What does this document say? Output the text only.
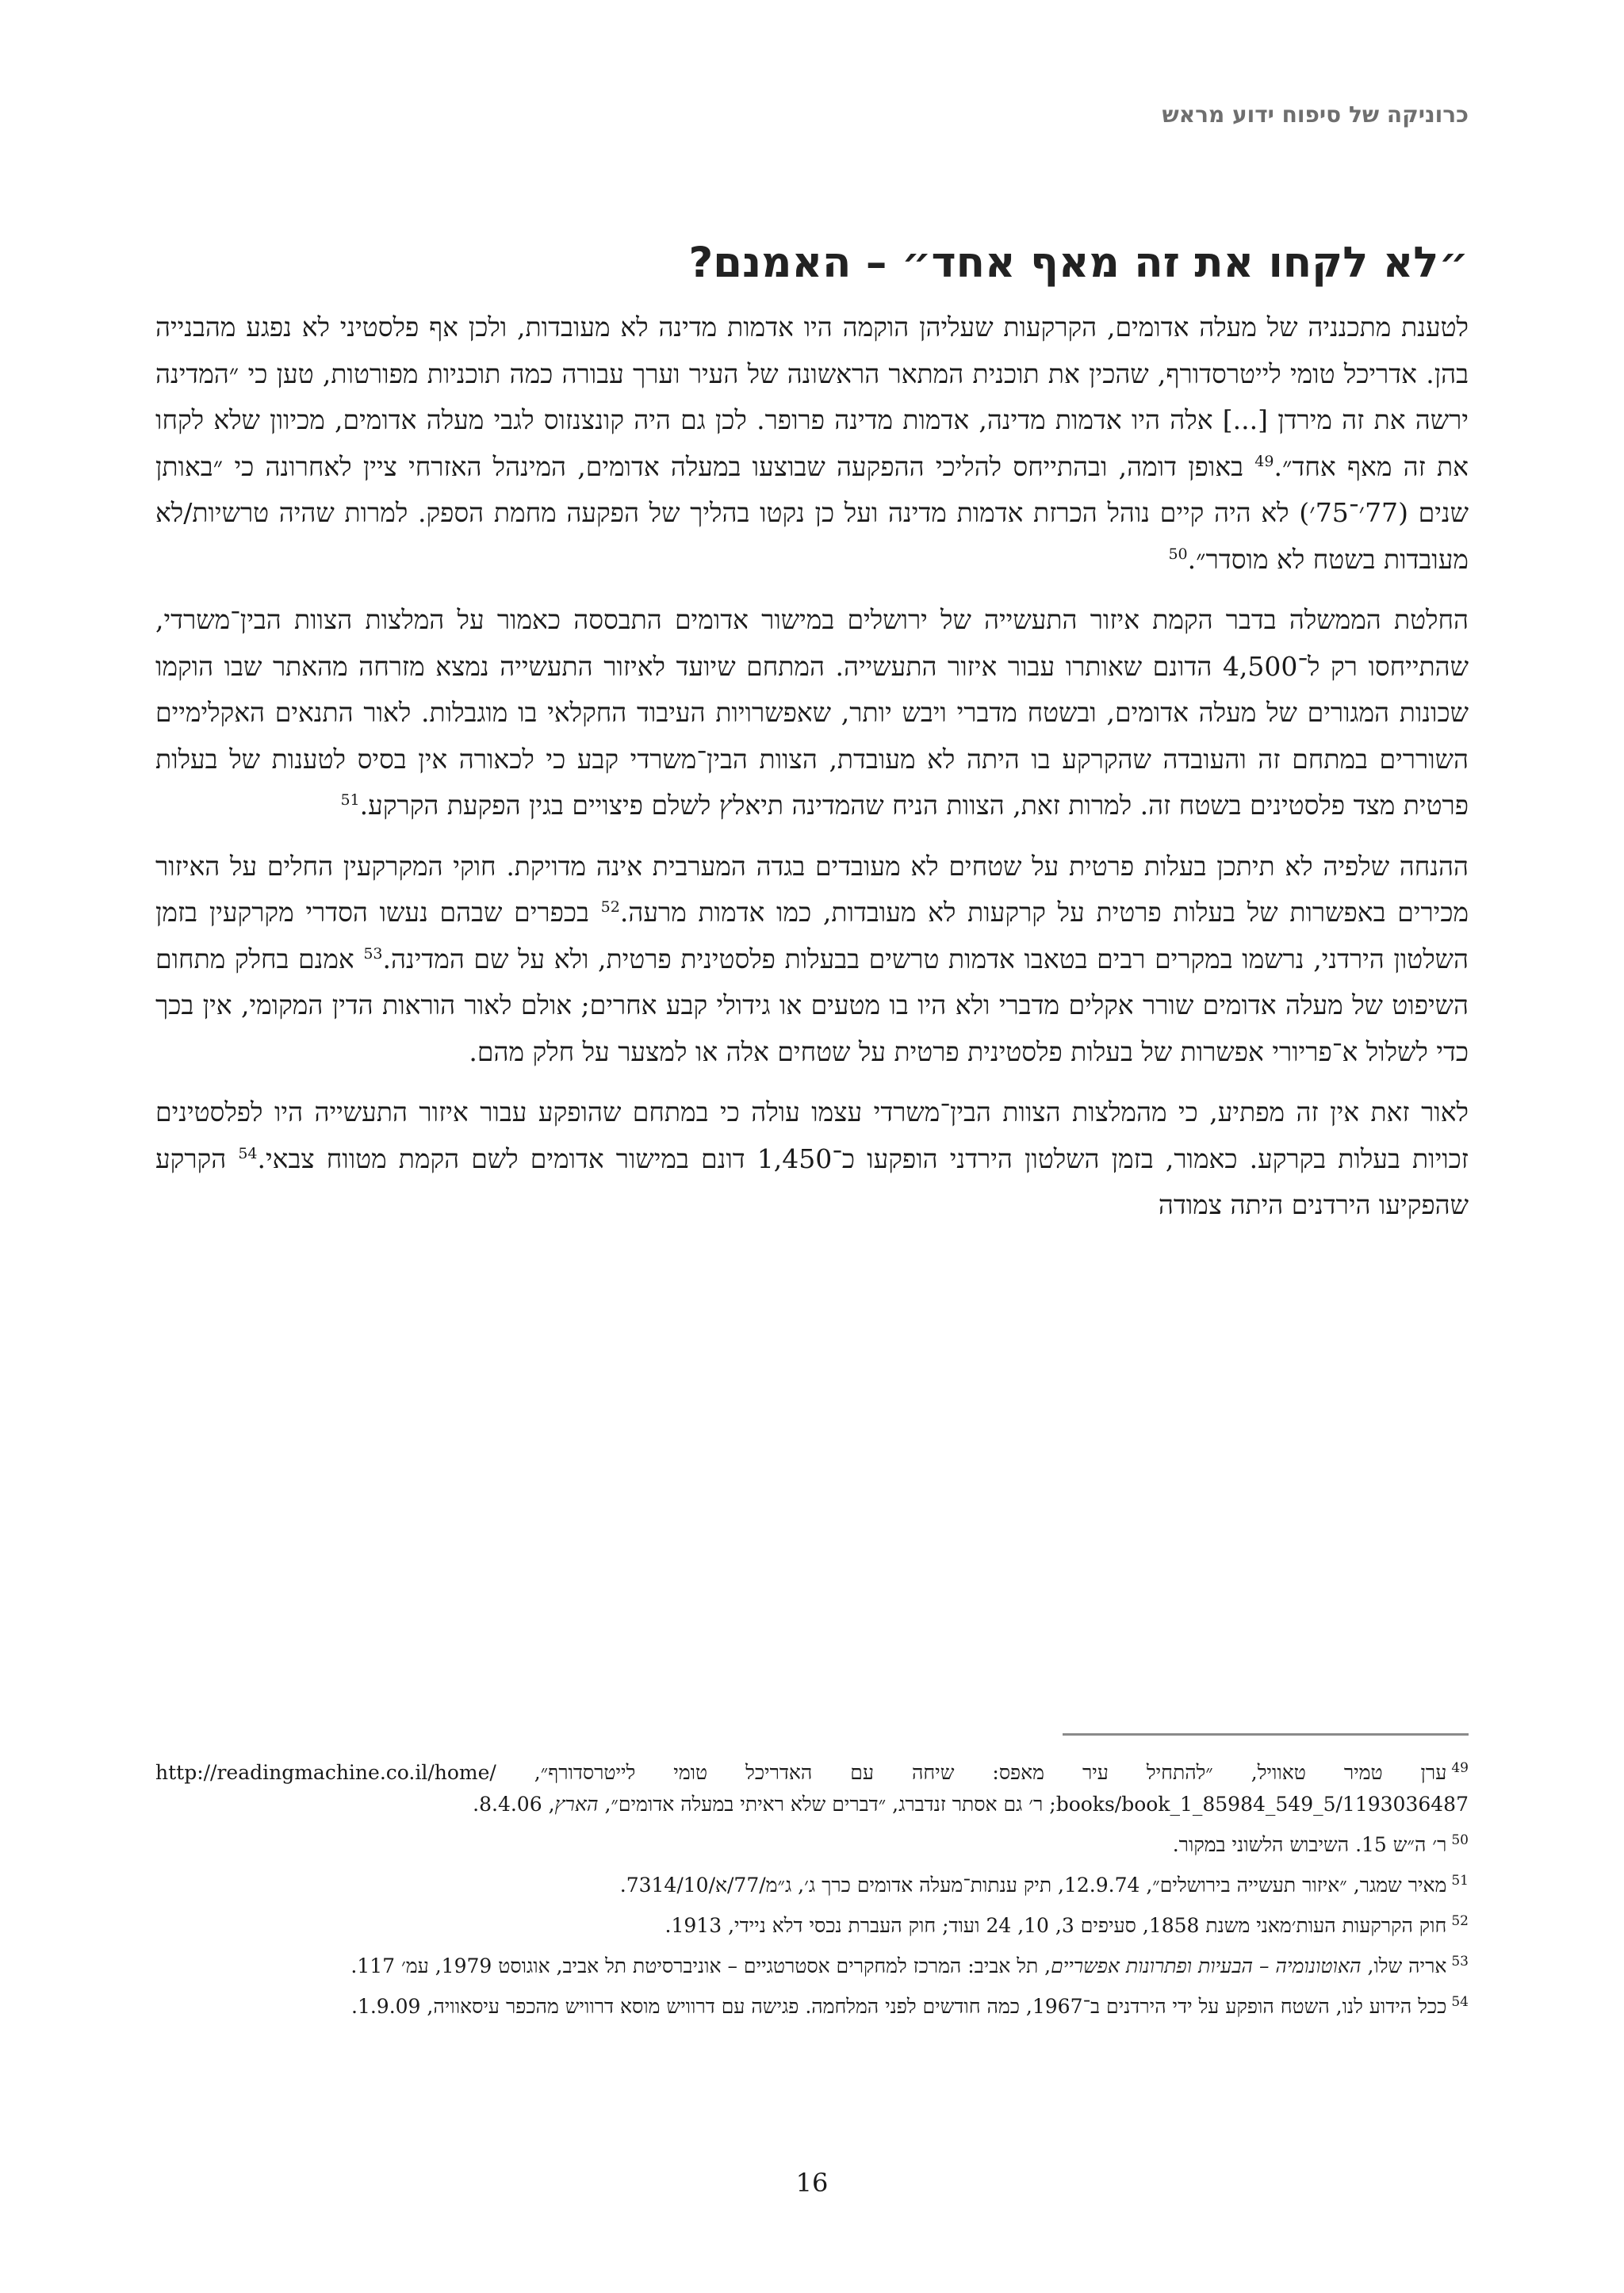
כרוניקה של סיפוח ידוע מראש
״לא לקחו את זה מאף אחד״ – האמנם?

לטענת מתכנניה של מעלה אדומים, הקרקעות שעליהן הוקמה היו אדמות מדינה לא מעובדות, ולכן אף פלסטיני לא נפגע מהבנייה בהן. אדריכל טומי לייטרסדורף, שהכין את תוכנית המתאר הראשונה של העיר וערך עבורה כמה תוכניות מפורטות, טען כי ״המדינה ירשה את זה מירדן [...] אלה היו אדמות מדינה, אדמות מדינה פרופר. לכן גם היה קונצנזוס לגבי מעלה אדומים, מכיוון שלא לקחו את זה מאף אחד״.$^{49}$ באופן דומה, ובהתייחס להליכי ההפקעה שבוצעו במעלה אדומים, המינהל האזרחי ציין לאחרונה כי ״באותן שנים (77׳־75׳) לא היה קיים נוהל הכרזת אדמות מדינה ועל כן נקטו בהליך של הפקעה מחמת הספק. למרות שהיה טרשיות/לא מעובדות בשטח לא מוסדר״.$^{50}$

החלטת הממשלה בדבר הקמת איזור התעשייה של ירושלים במישור אדומים התבססה כאמור על המלצות הצוות הבין־משרדי, שהתייחסו רק ל־4,500 הדונם שאותרו עבור איזור התעשייה. המתחם שיועד לאיזור התעשייה נמצא מזרחה מהאתר שבו הוקמו שכונות המגורים של מעלה אדומים, ובשטח מדברי ויבש יותר, שאפשרויות העיבוד החקלאי בו מוגבלות. לאור התנאים האקלימיים השוררים במתחם זה והעובדה שהקרקע בו היתה לא מעובדת, הצוות הבין־משרדי קבע כי לכאורה אין בסיס לטענות של בעלות פרטית מצד פלסטינים בשטח זה. למרות זאת, הצוות הניח שהמדינה תיאלץ לשלם פיצויים בגין הפקעת הקרקע.$^{51}$

ההנחה שלפיה לא תיתכן בעלות פרטית על שטחים לא מעובדים בגדה המערבית אינה מדויקת. חוקי המקרקעין החלים על האיזור מכירים באפשרות של בעלות פרטית על קרקעות לא מעובדות, כמו אדמות מרעה.$^{52}$ בכפרים שבהם נעשו הסדרי מקרקעין בזמן השלטון הירדני, נרשמו במקרים רבים בטאבו אדמות טרשים בבעלות פלסטינית פרטית, ולא על שם המדינה.$^{53}$ אמנם בחלק מתחום השיפוט של מעלה אדומים שורר אקלים מדברי ולא היו בו מטעים או גידולי קבע אחרים; אולם לאור הוראות הדין המקומי, אין בכך כדי לשלול א־פריורי אפשרות של בעלות פלסטינית פרטית על שטחים אלה או למצער על חלק מהם.

לאור זאת אין זה מפתיע, כי מהמלצות הצוות הבין־משרדי עצמו עולה כי במתחם שהופקע עבור איזור התעשייה היו לפלסטינים זכויות בעלות בקרקע. כאמור, בזמן השלטון הירדני הופקעו כ־1,450 דונם במישור אדומים לשם הקמת מטווח צבאי.$^{54}$ הקרקע שהפקיעו הירדנים היתה צמודה

$^{49}$ערן טמיר טאוויל, ״להתחיל עיר מאפס: שיחה עם האדריכל טומי לייטרסדורף״, http://readingmachine.co.il/home/ books/book_1_85984_549_5/1193036487; ר׳ גם אסתר זנדברג, ״דברים שלא ראיתי במעלה אדומים״, הארץ, 8.4.06.
$^{50}$ר׳ ה״ש 15. השיבוש הלשוני במקור.
$^{51}$מאיר שמגר, ״איזור תעשייה בירושלים״, 12.9.74, תיק ענתות־מעלה אדומים כרך ג׳, ג״מ/77/א/7314/10.
$^{52}$חוק הקרקעות העות׳מאני משנת 1858, סעיפים 3, 10, 24 ועוד; חוק העברת נכסי דלא ניידי, 1913.
$^{53}$אריה שלו, האוטונומיה – הבעיות ופתרונות אפשריים, תל אביב: המרכז למחקרים אסטרטגיים – אוניברסיטת תל אביב, אוגוסט 1979, עמ׳ 117.
$^{54}$ככל הידוע לנו, השטח הופקע על ידי הירדנים ב־1967, כמה חודשים לפני המלחמה. פגישה עם דרוויש מוסא דרוויש מהכפר עיסאוויה, 1.9.09.
16
